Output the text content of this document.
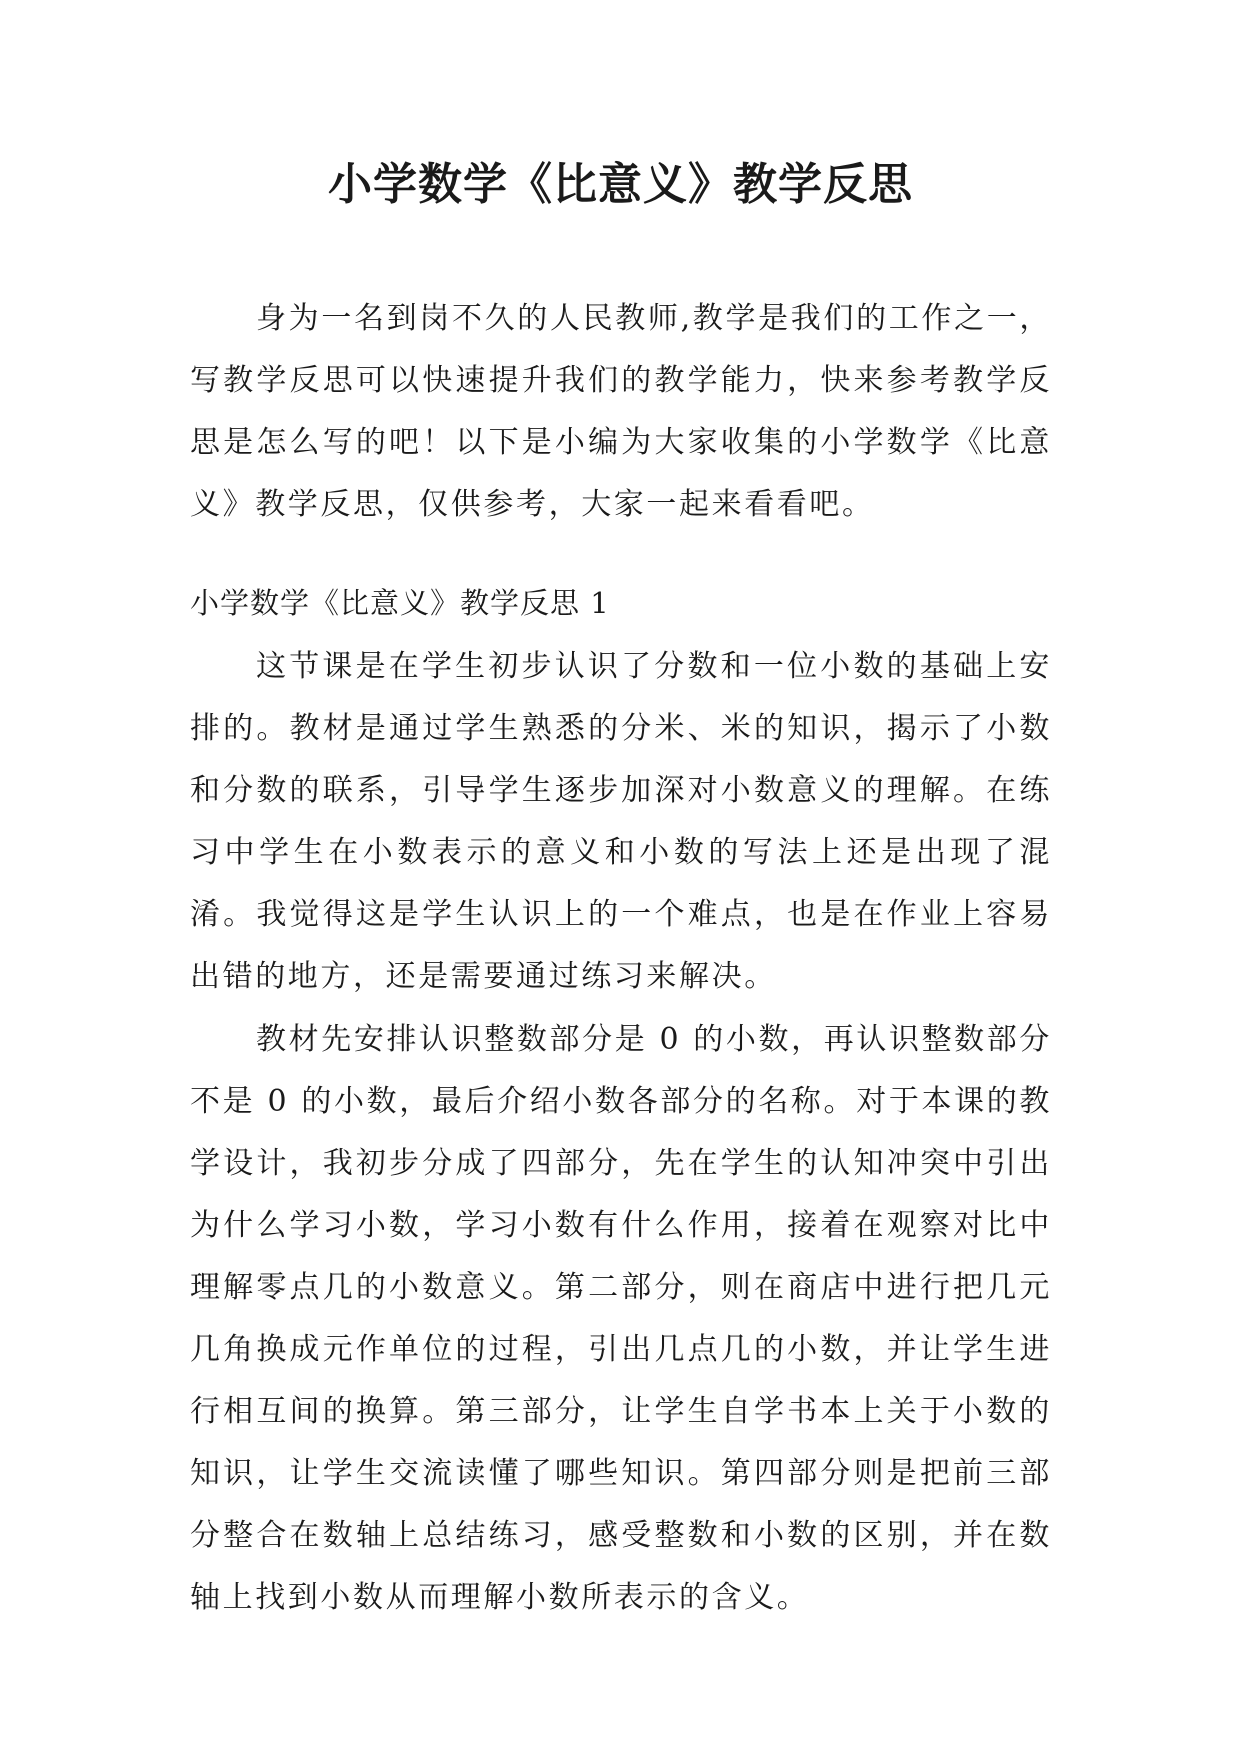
小学数学《比意义》教学反思

身为一名到岗不久的人民教师,教学是我们的工作之一，写教学反思可以快速提升我们的教学能力，快来参考教学反思是怎么写的吧！以下是小编为大家收集的小学数学《比意义》教学反思，仅供参考，大家一起来看看吧。

小学数学《比意义》教学反思 1

这节课是在学生初步认识了分数和一位小数的基础上安排的。教材是通过学生熟悉的分米、米的知识，揭示了小数和分数的联系，引导学生逐步加深对小数意义的理解。在练习中学生在小数表示的意义和小数的写法上还是出现了混淆。我觉得这是学生认识上的一个难点，也是在作业上容易出错的地方，还是需要通过练习来解决。

教材先安排认识整数部分是 0 的小数，再认识整数部分不是 0 的小数，最后介绍小数各部分的名称。对于本课的教学设计，我初步分成了四部分，先在学生的认知冲突中引出为什么学习小数，学习小数有什么作用，接着在观察对比中理解零点几的小数意义。第二部分，则在商店中进行把几元几角换成元作单位的过程，引出几点几的小数，并让学生进行相互间的换算。第三部分，让学生自学书本上关于小数的知识，让学生交流读懂了哪些知识。第四部分则是把前三部分整合在数轴上总结练习，感受整数和小数的区别，并在数轴上找到小数从而理解小数所表示的含义。
